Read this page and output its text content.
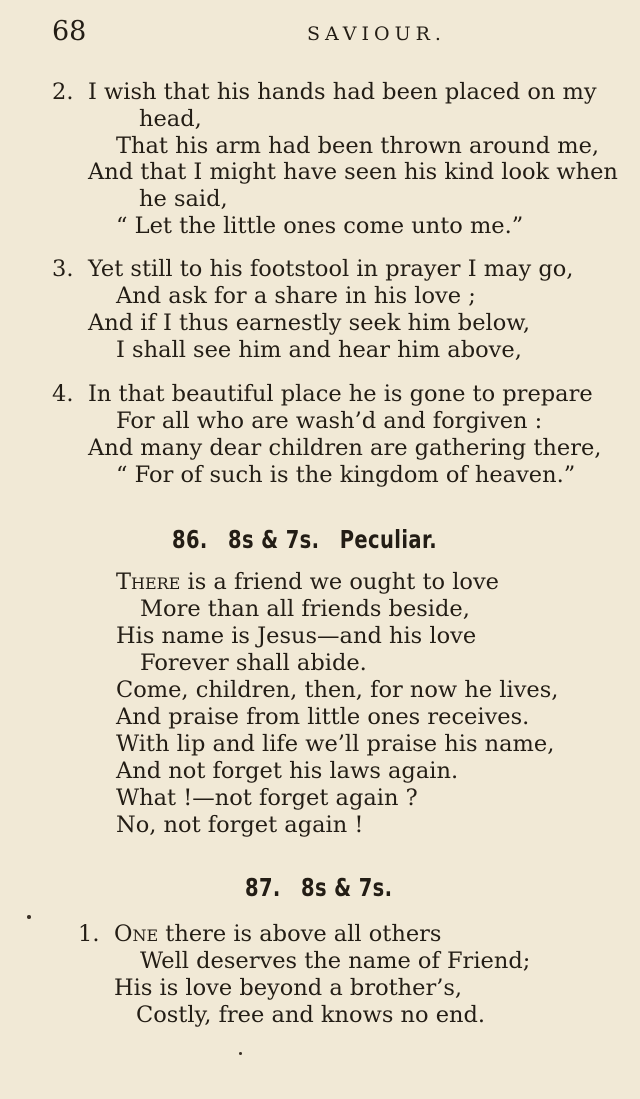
68	SAVIOUR.
2. I wish that his hands had been placed on my
head,
That his arm had been thrown around me,
And that I might have seen his kind look when
he said,
“ Let the little ones come unto me.”
3. Yet still to his footstool in prayer I may go,
And ask for a share in his love ;
And if I thus earnestly seek him below,
I shall see him and hear him above,
4. In that beautiful place he is gone to prepare
For all who are wash’d and forgiven :
And many dear children are gathering there,
“ For of such is the kingdom of heaven.”
86. 8s & 7s. Peculiar.
There is a friend we ought to love
More than all friends beside,
His name is Jesus—and his love
Forever shall abide.
Come, children, then, for now he lives,
And praise from little ones receives.
With lip and life we’ll praise his name,
And not forget his laws again.
What !—not forget again ?
No, not forget again !
87. 8s & 7s.
1. One there is above all others
Well deserves the name of Friend;
His is love beyond a brother’s,
Costly, free and knows no end.
